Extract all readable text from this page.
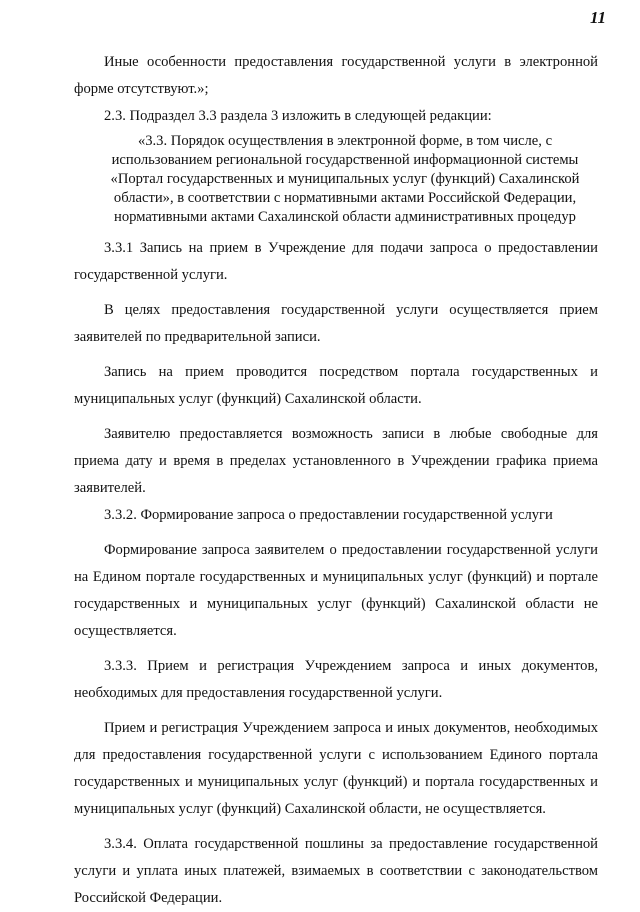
11

Иные особенности предоставления государственной услуги в электронной форме отсутствуют.»;

2.3. Подраздел 3.3 раздела 3 изложить в следующей редакции:

«3.3. Порядок осуществления в электронной форме, в том числе, с использованием региональной государственной информационной системы «Портал государственных и муниципальных услуг (функций) Сахалинской области», в соответствии с нормативными актами Российской Федерации, нормативными актами Сахалинской области административных процедур

3.3.1 Запись на прием в Учреждение для подачи запроса о предоставлении государственной услуги.

В целях предоставления государственной услуги осуществляется прием заявителей по предварительной записи.

Запись на прием проводится посредством портала государственных и муниципальных услуг (функций) Сахалинской области.

Заявителю предоставляется возможность записи в любые свободные для приема дату и время в пределах установленного в Учреждении графика приема заявителей.

3.3.2. Формирование запроса о предоставлении государственной услуги

Формирование запроса заявителем о предоставлении государственной услуги на Едином портале государственных и муниципальных услуг (функций) и портале государственных и муниципальных услуг (функций) Сахалинской области не осуществляется.

3.3.3. Прием и регистрация Учреждением запроса и иных документов, необходимых для предоставления государственной услуги.

Прием и регистрация Учреждением запроса и иных документов, необходимых для предоставления государственной услуги с использованием Единого портала государственных и муниципальных услуг (функций) и портала государственных и муниципальных услуг (функций) Сахалинской области, не осуществляется.

3.3.4. Оплата государственной пошлины за предоставление государственной услуги и уплата иных платежей, взимаемых в соответствии с законодательством Российской Федерации.
